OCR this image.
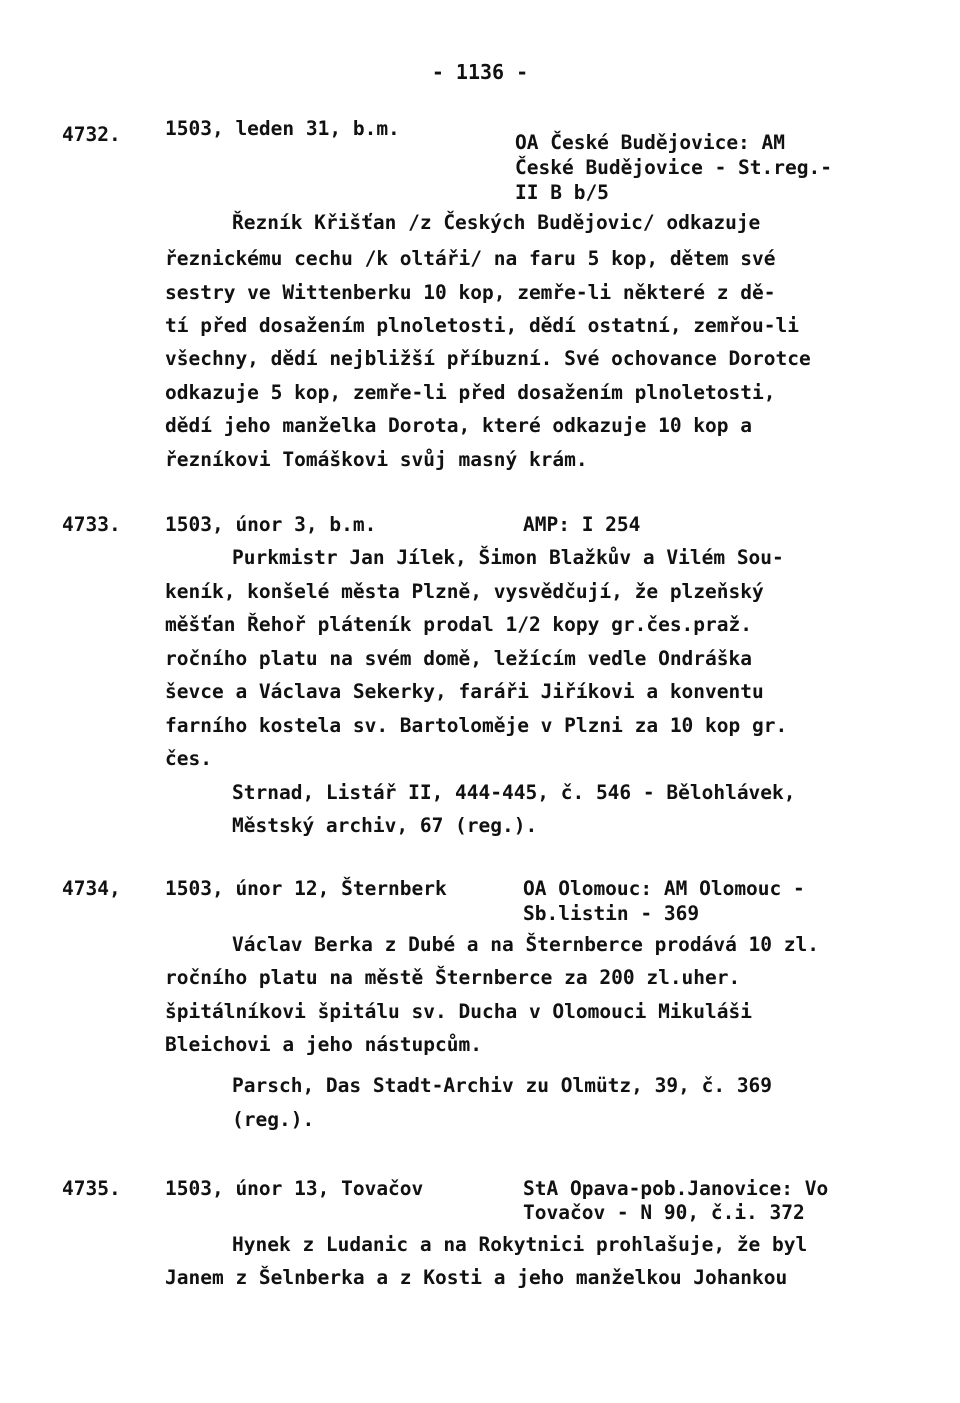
- 1136 -
4732. 1503, leden 31, b.m.
OA České Budějovice: AM
České Budějovice - St.reg.-
II B b/5
Řezník Křišťan /z Českých Budějovic/ odkazuje
řeznickému cechu /k oltáři/ na faru 5 kop, dětem své
sestry ve Wittenberku 10 kop, zemře-li některé z dě-
tí před dosažením plnoletosti, dědí ostatní, zemřou-li
všechny, dědí nejbližší příbuzní. Své ochovance Dorotce
odkazuje 5 kop, zemře-li před dosažením plnoletosti,
dědí jeho manželka Dorota, které odkazuje 10 kop a
řezníkovi Tomáškovi svůj masný krám.
4733. 1503, únor 3, b.m.	AMP: I 254
Purkmistr Jan Jílek, Šimon Blažkův a Vilém Sou-
keník, konšelé města Plzně, vysvědčují, že plzeňský
měšťan Řehoř pláteník prodal 1/2 kopy gr.čes.praž.
ročního platu na svém domě, ležícím vedle Ondráška
ševce a Václava Sekerky, faráři Jiříkovi a konventu
farního kostela sv. Bartoloměje v Plzni za 10 kop gr.
čes.
Strnad, Listář II, 444-445, č. 546 - Bělohlávek,
Městský archiv, 67 (reg.).
4734, 1503, únor 12, Šternberk	OA Olomouc: AM Olomouc -
Sb.listin - 369
Václav Berka z Dubé a na Šternberce prodává 10 zl.
ročního platu na městě Šternberce za 200 zl.uher.
špitálníkovi špitálu sv. Ducha v Olomouci Mikuláši
Bleichovi a jeho nástupcům.
Parsch, Das Stadt-Archiv zu Olmütz, 39, č. 369
(reg.).
4735. 1503, únor 13, Tovačov	StA Opava-pob.Janovice: Vo
Tovačov - N 90, č.i. 372
Hynek z Ludanic a na Rokytnici prohlašuje, že byl
Janem z Šelnberka a z Kosti a jeho manželkou Johankou
